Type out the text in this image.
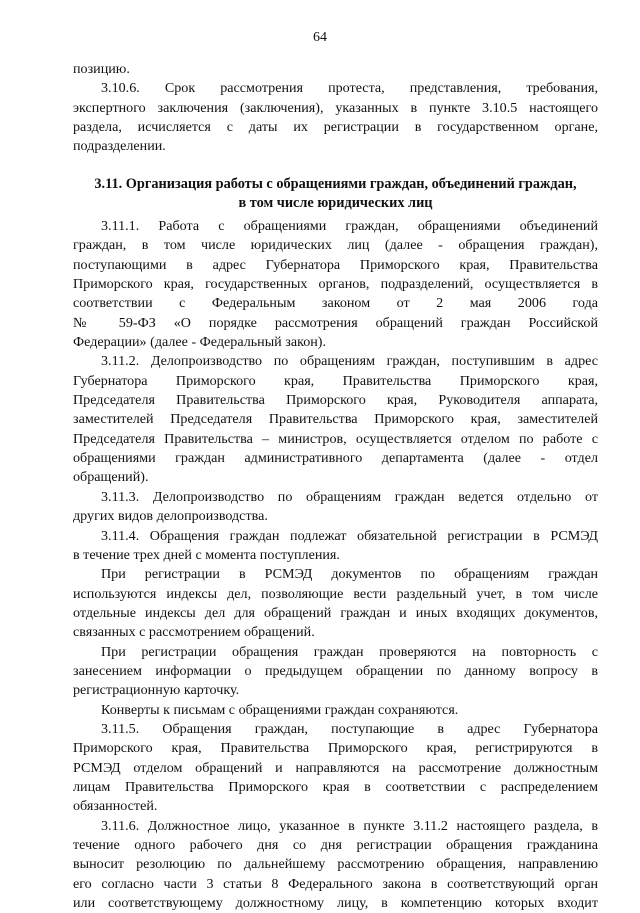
64
позицию.
3.10.6. Срок рассмотрения протеста, представления, требования,
экспертного заключения (заключения), указанных в пункте 3.10.5 настоящего
раздела, исчисляется с даты их регистрации в государственном органе,
подразделении.
3.11. Организация работы с обращениями граждан, объединений граждан,
в том числе юридических лиц
3.11.1. Работа с обращениями граждан, обращениями объединений
граждан, в том числе юридических лиц (далее - обращения граждан),
поступающими в адрес Губернатора Приморского края, Правительства
Приморского края, государственных органов, подразделений, осуществляется в
соответствии с Федеральным законом от 2 мая 2006 года
№ 59-ФЗ «О порядке рассмотрения обращений граждан Российской
Федерации» (далее - Федеральный закон).
3.11.2. Делопроизводство по обращениям граждан, поступившим в адрес
Губернатора Приморского края, Правительства Приморского края,
Председателя Правительства Приморского края, Руководителя аппарата,
заместителей Председателя Правительства Приморского края, заместителей
Председателя Правительства – министров, осуществляется отделом по работе с
обращениями граждан административного департамента (далее - отдел
обращений).
3.11.3. Делопроизводство по обращениям граждан ведется отдельно от
других видов делопроизводства.
3.11.4. Обращения граждан подлежат обязательной регистрации в РСМЭД
в течение трех дней с момента поступления.
При регистрации в РСМЭД документов по обращениям граждан
используются индексы дел, позволяющие вести раздельный учет, в том числе
отдельные индексы дел для обращений граждан и иных входящих документов,
связанных с рассмотрением обращений.
При регистрации обращения граждан проверяются на повторность с
занесением информации о предыдущем обращении по данному вопросу в
регистрационную карточку.
Конверты к письмам с обращениями граждан сохраняются.
3.11.5. Обращения граждан, поступающие в адрес Губернатора
Приморского края, Правительства Приморского края, регистрируются в
РСМЭД отделом обращений и направляются на рассмотрение должностным
лицам Правительства Приморского края в соответствии с распределением
обязанностей.
3.11.6. Должностное лицо, указанное в пункте 3.11.2 настоящего раздела, в
течение одного рабочего дня со дня регистрации обращения гражданина
выносит резолюцию по дальнейшему рассмотрению обращения, направлению
его согласно части 3 статьи 8 Федерального закона в соответствующий орган
или соответствующему должностному лицу, в компетенцию которых входит
